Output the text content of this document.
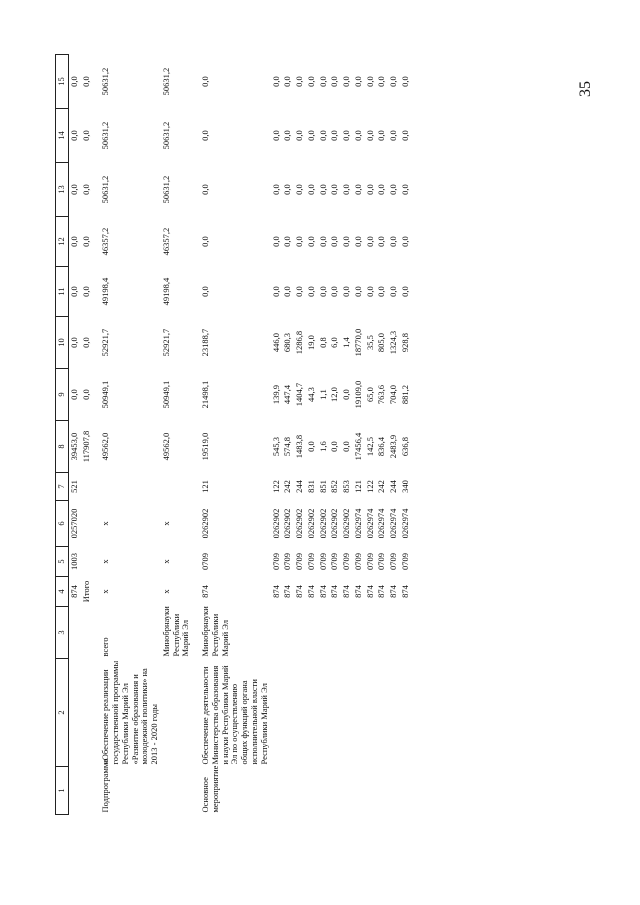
35
1	2	3	4	5	6	7	8	9	10	11	12	13	14	15
			874	1003	0257020	521	39453,0	0,0	0,0	0,0	0,0	0,0	0,0	0,0
			Итого				117907,8	0,0	0,0	0,0	0,0	0,0	0,0	0,0

Подпрограмма	«Обеспечение реализации государственной программы Республики Марий Эл «Развитие образования и молодежной политики» на 2013 - 2020 годы	всего	х	х	х		49562,0	50949,1	52921,7	49198,4	46357,2	50631,2	50631,2	50631,2
		Минобрнауки Республики Марий Эл	х	х	х		49562,0	50949,1	52921,7	49198,4	46357,2	50631,2	50631,2	50631,2

Основное мероприятие	Обеспечение деятельности Министерства образования и науки Республики Марий Эл по осуществлению общих функций органа исполнительной власти Республики Марий Эл	Минобрнауки Республики Марий Эл	874	0709	0262902	121	19519,0	21498,1	23188,7	0,0	0,0	0,0	0,0	0,0
			874	0709	0262902	122	545,3	139,9	446,0	0,0	0,0	0,0	0,0	0,0
			874	0709	0262902	242	574,8	447,4	680,3	0,0	0,0	0,0	0,0	0,0
			874	0709	0262902	244	1483,8	1404,7	1286,8	0,0	0,0	0,0	0,0	0,0
			874	0709	0262902	831	0,0	44,3	19,0	0,0	0,0	0,0	0,0	0,0
			874	0709	0262902	851	1,6	1,1	0,8	0,0	0,0	0,0	0,0	0,0
			874	0709	0262902	852	0,0	12,0	6,0	0,0	0,0	0,0	0,0	0,0
			874	0709	0262902	853	0,0	0,0	1,4	0,0	0,0	0,0	0,0	0,0
			874	0709	0262974	121	17456,4	19109,0	18770,0	0,0	0,0	0,0	0,0	0,0
			874	0709	0262974	122	142,5	65,0	35,5	0,0	0,0	0,0	0,0	0,0
			874	0709	0262974	242	836,4	763,6	805,0	0,0	0,0	0,0	0,0	0,0
			874	0709	0262974	244	2483,9	704,0	1324,3	0,0	0,0	0,0	0,0	0,0
			874	0709	0262974	340	636,8	881,2	928,8	0,0	0,0	0,0	0,0	0,0
